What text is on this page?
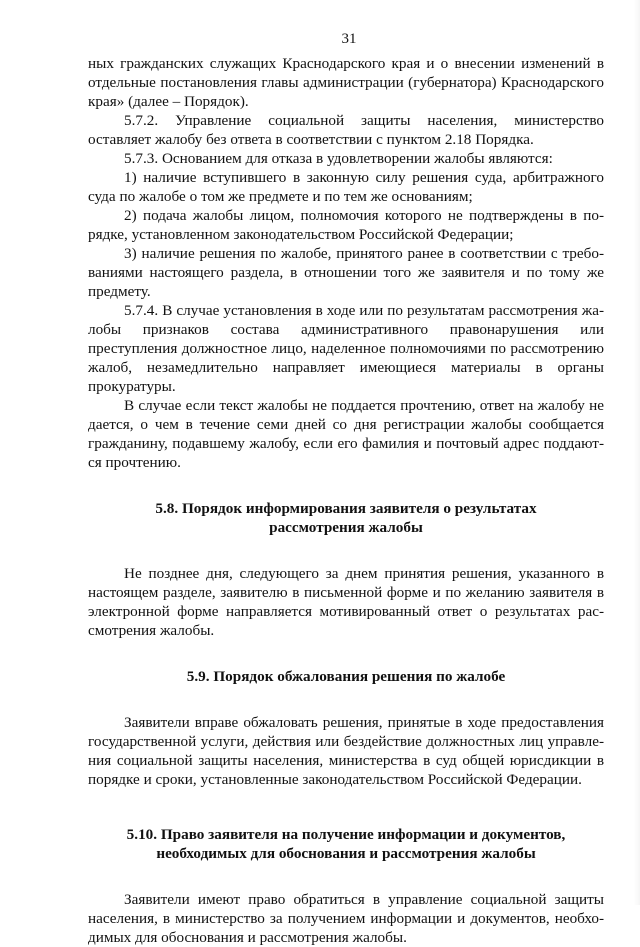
31

ных гражданских служащих Краснодарского края и о внесении изменений в отдельные постановления главы администрации (губернатора) Краснодарского края» (далее – Порядок).

5.7.2. Управление социальной защиты населения, министерство оставляет жалобу без ответа в соответствии с пунктом 2.18 Порядка.

5.7.3. Основанием для отказа в удовлетворении жалобы являются:

1) наличие вступившего в законную силу решения суда, арбитражного суда по жалобе о том же предмете и по тем же основаниям;

2) подача жалобы лицом, полномочия которого не подтверждены в порядке, установленном законодательством Российской Федерации;

3) наличие решения по жалобе, принятого ранее в соответствии с требованиями настоящего раздела, в отношении того же заявителя и по тому же предмету.

5.7.4. В случае установления в ходе или по результатам рассмотрения жалобы признаков состава административного правонарушения или преступления должностное лицо, наделенное полномочиями по рассмотрению жалоб, незамедлительно направляет имеющиеся материалы в органы прокуратуры.

В случае если текст жалобы не поддается прочтению, ответ на жалобу не дается, о чем в течение семи дней со дня регистрации жалобы сообщается гражданину, подавшему жалобу, если его фамилия и почтовый адрес поддаются прочтению.

5.8. Порядок информирования заявителя о результатах
рассмотрения жалобы

Не позднее дня, следующего за днем принятия решения, указанного в настоящем разделе, заявителю в письменной форме и по желанию заявителя в электронной форме направляется мотивированный ответ о результатах рассмотрения жалобы.

5.9. Порядок обжалования решения по жалобе

Заявители вправе обжаловать решения, принятые в ходе предоставления государственной услуги, действия или бездействие должностных лиц управления социальной защиты населения, министерства в суд общей юрисдикции в порядке и сроки, установленные законодательством Российской Федерации.

5.10. Право заявителя на получение информации и документов,
необходимых для обоснования и рассмотрения жалобы

Заявители имеют право обратиться в управление социальной защиты населения, в министерство за получением информации и документов, необходимых для обоснования и рассмотрения жалобы.
